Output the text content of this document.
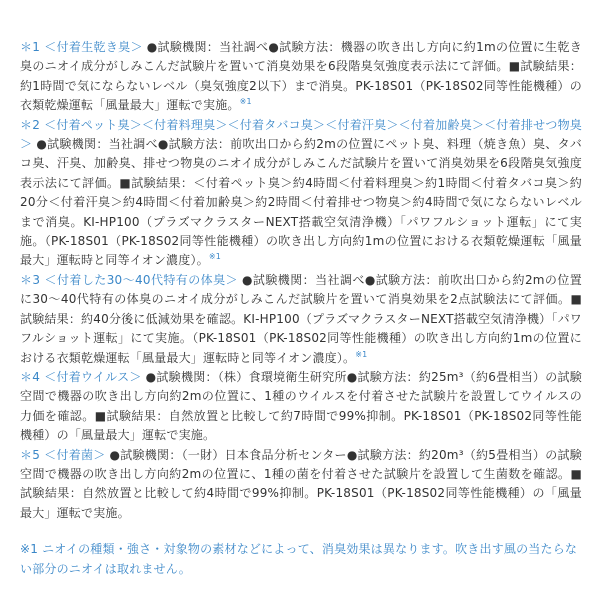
＊1 ＜付着生乾き臭＞ ●試験機関：当社調べ●試験方法：機器の吹き出し方向に約1mの位置に生乾き臭のニオイ成分がしみこんだ試験片を置いて消臭効果を6段階臭気強度表示法にて評価。■試験結果：約1時間で気にならないレベル（臭気強度2以下）まで消臭。PK-18S01（PK-18S02同等性能機種）の衣類乾燥運転「風量最大」運転で実施。$^{※1}$
＊2 ＜付着ペット臭＞＜付着料理臭＞＜付着タバコ臭＞＜付着汗臭＞＜付着加齢臭＞＜付着排せつ物臭＞ ●試験機関：当社調べ●試験方法：前吹出口から約2mの位置にペット臭、料理（焼き魚）臭、タバコ臭、汗臭、加齢臭、排せつ物臭のニオイ成分がしみこんだ試験片を置いて消臭効果を6段階臭気強度表示法にて評価。■試験結果：＜付着ペット臭＞約4時間＜付着料理臭＞約1時間＜付着タバコ臭＞約20分＜付着汗臭＞約4時間＜付着加齢臭＞約2時間＜付着排せつ物臭＞約4時間で気にならないレベルまで消臭。KI-HP100（プラズマクラスターNEXT搭載空気清浄機）「パワフルショット運転」にて実施。（PK-18S01（PK-18S02同等性能機種）の吹き出し方向約1mの位置における衣類乾燥運転「風量最大」運転時と同等イオン濃度）。$^{※1}$
＊3 ＜付着した30〜40代特有の体臭＞ ●試験機関：当社調べ●試験方法：前吹出口から約2mの位置に30〜40代特有の体臭のニオイ成分がしみこんだ試験片を置いて消臭効果を2点試験法にて評価。■試験結果：約40分後に低減効果を確認。KI-HP100（プラズマクラスターNEXT搭載空気清浄機）「パワフルショット運転」にて実施。（PK-18S01（PK-18S02同等性能機種）の吹き出し方向約1mの位置における衣類乾燥運転「風量最大」運転時と同等イオン濃度）。$^{※1}$
＊4 ＜付着ウイルス＞ ●試験機関：（株）食環境衛生研究所●試験方法：約25m³（約6畳相当）の試験空間で機器の吹き出し方向約2mの位置に、1種のウイルスを付着させた試験片を設置してウイルスの力価を確認。■試験結果：自然放置と比較して約7時間で99%抑制。PK-18S01（PK-18S02同等性能機種）の「風量最大」運転で実施。
＊5 ＜付着菌＞ ●試験機関：（一財）日本食品分析センター●試験方法：約20m³（約5畳相当）の試験空間で機器の吹き出し方向約2mの位置に、1種の菌を付着させた試験片を設置して生菌数を確認。■試験結果：自然放置と比較して約4時間で99%抑制。PK-18S01（PK-18S02同等性能機種）の「風量最大」運転で実施。
※1 ニオイの種類・強さ・対象物の素材などによって、消臭効果は異なります。吹き出す風の当たらない部分のニオイは取れません。
